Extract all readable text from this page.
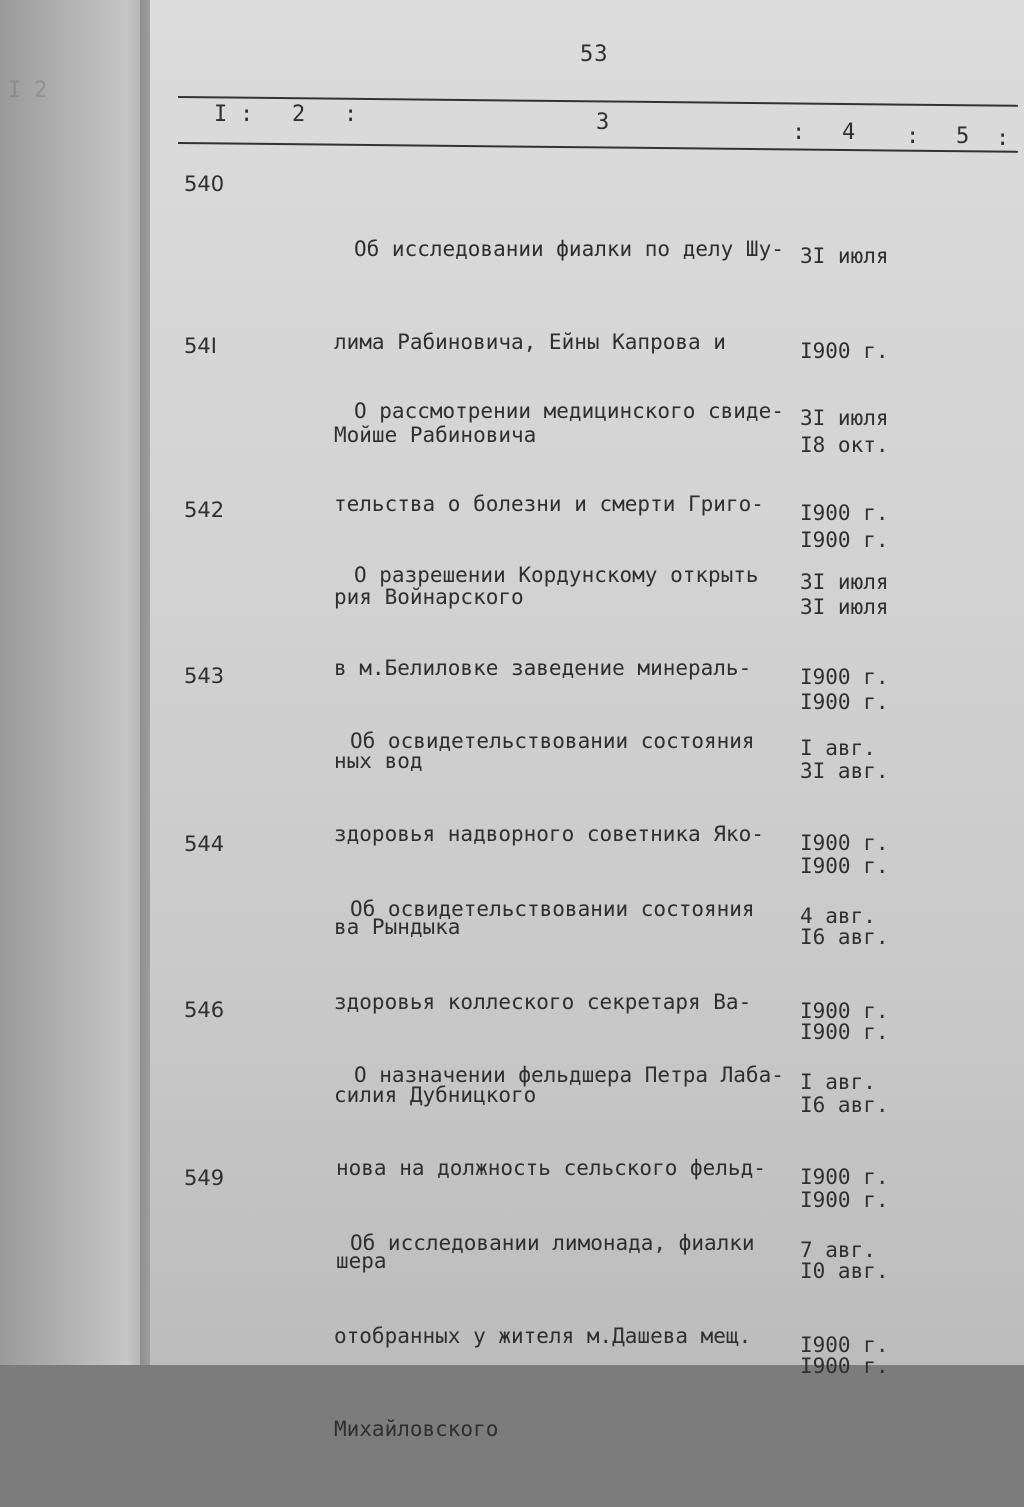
I 2
53
I : 2 :	3	: 4 : 5 :
540

Об исследовании фиалки по делу Шу-

лима Рабиновича, Ейны Капрова и

Мойше Рабиновича

3I июля

I900 г.

I8 окт.

I900 г.

54I

О рассмотрении медицинского свиде-

тельства о болезни и смерти Григо-

рия Войнарского

3I июля

I900 г.

3I июля

I900 г.

542

О разрешении Кордунскому открыть

в м.Белиловке заведение минераль-

ных вод

3I июля

I900 г.

3I авг.

I900 г.

543

Об освидетельствовании состояния

здоровья надворного советника Яко-

ва Рындыка

I авг.

I900 г.

I6 авг.

I900 г.

544

Об освидетельствовании состояния

здоровья коллеского секретаря Ва-

силия Дубницкого

4 авг.

I900 г.

I6 авг.

I900 г.

546

О назначении фельдшера Петра Лаба-

нова на должность сельского фельд-

шера

I авг.

I900 г.

I0 авг.

I900 г.

549

Об исследовании лимонада, фиалки

отобранных у жителя м.Дашева мещ.

Михайловского

7 авг.

I900 г.
